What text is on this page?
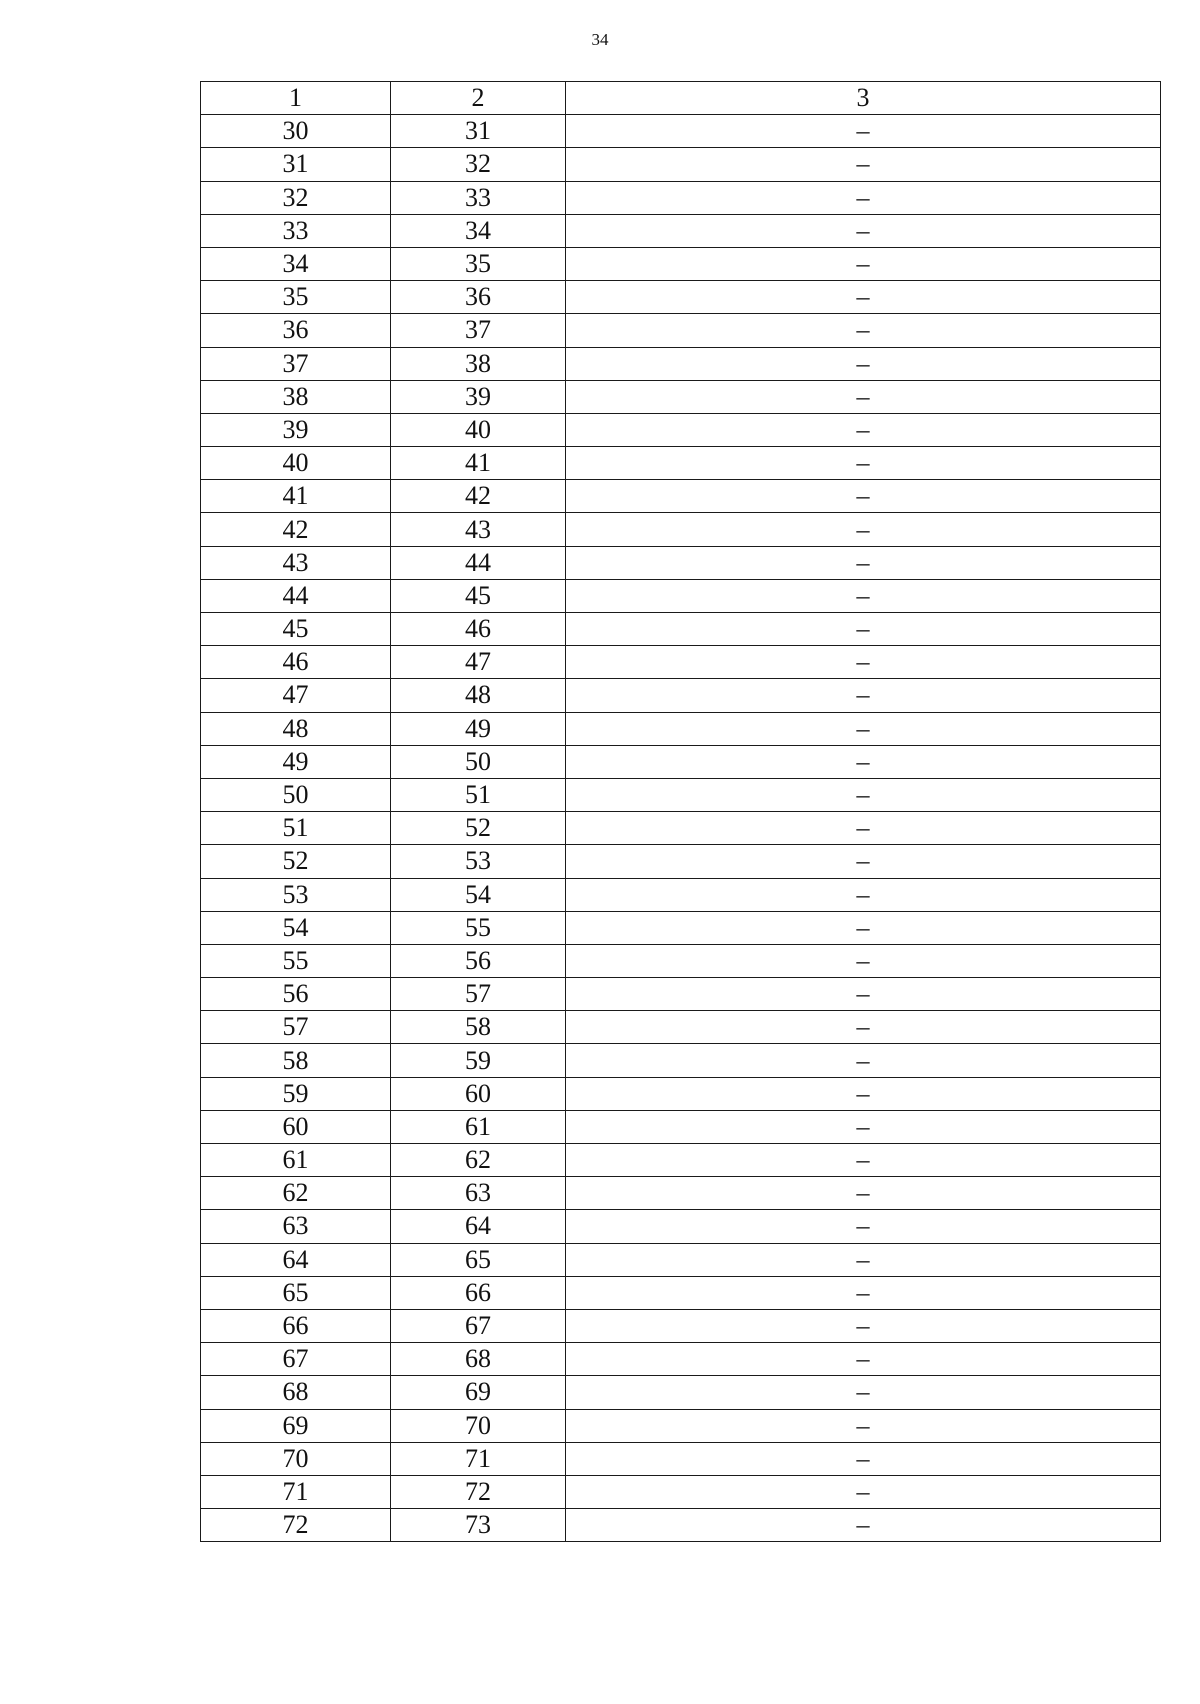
34
1	2	3
30	31	–
31	32	–
32	33	–
33	34	–
34	35	–
35	36	–
36	37	–
37	38	–
38	39	–
39	40	–
40	41	–
41	42	–
42	43	–
43	44	–
44	45	–
45	46	–
46	47	–
47	48	–
48	49	–
49	50	–
50	51	–
51	52	–
52	53	–
53	54	–
54	55	–
55	56	–
56	57	–
57	58	–
58	59	–
59	60	–
60	61	–
61	62	–
62	63	–
63	64	–
64	65	–
65	66	–
66	67	–
67	68	–
68	69	–
69	70	–
70	71	–
71	72	–
72	73	–
